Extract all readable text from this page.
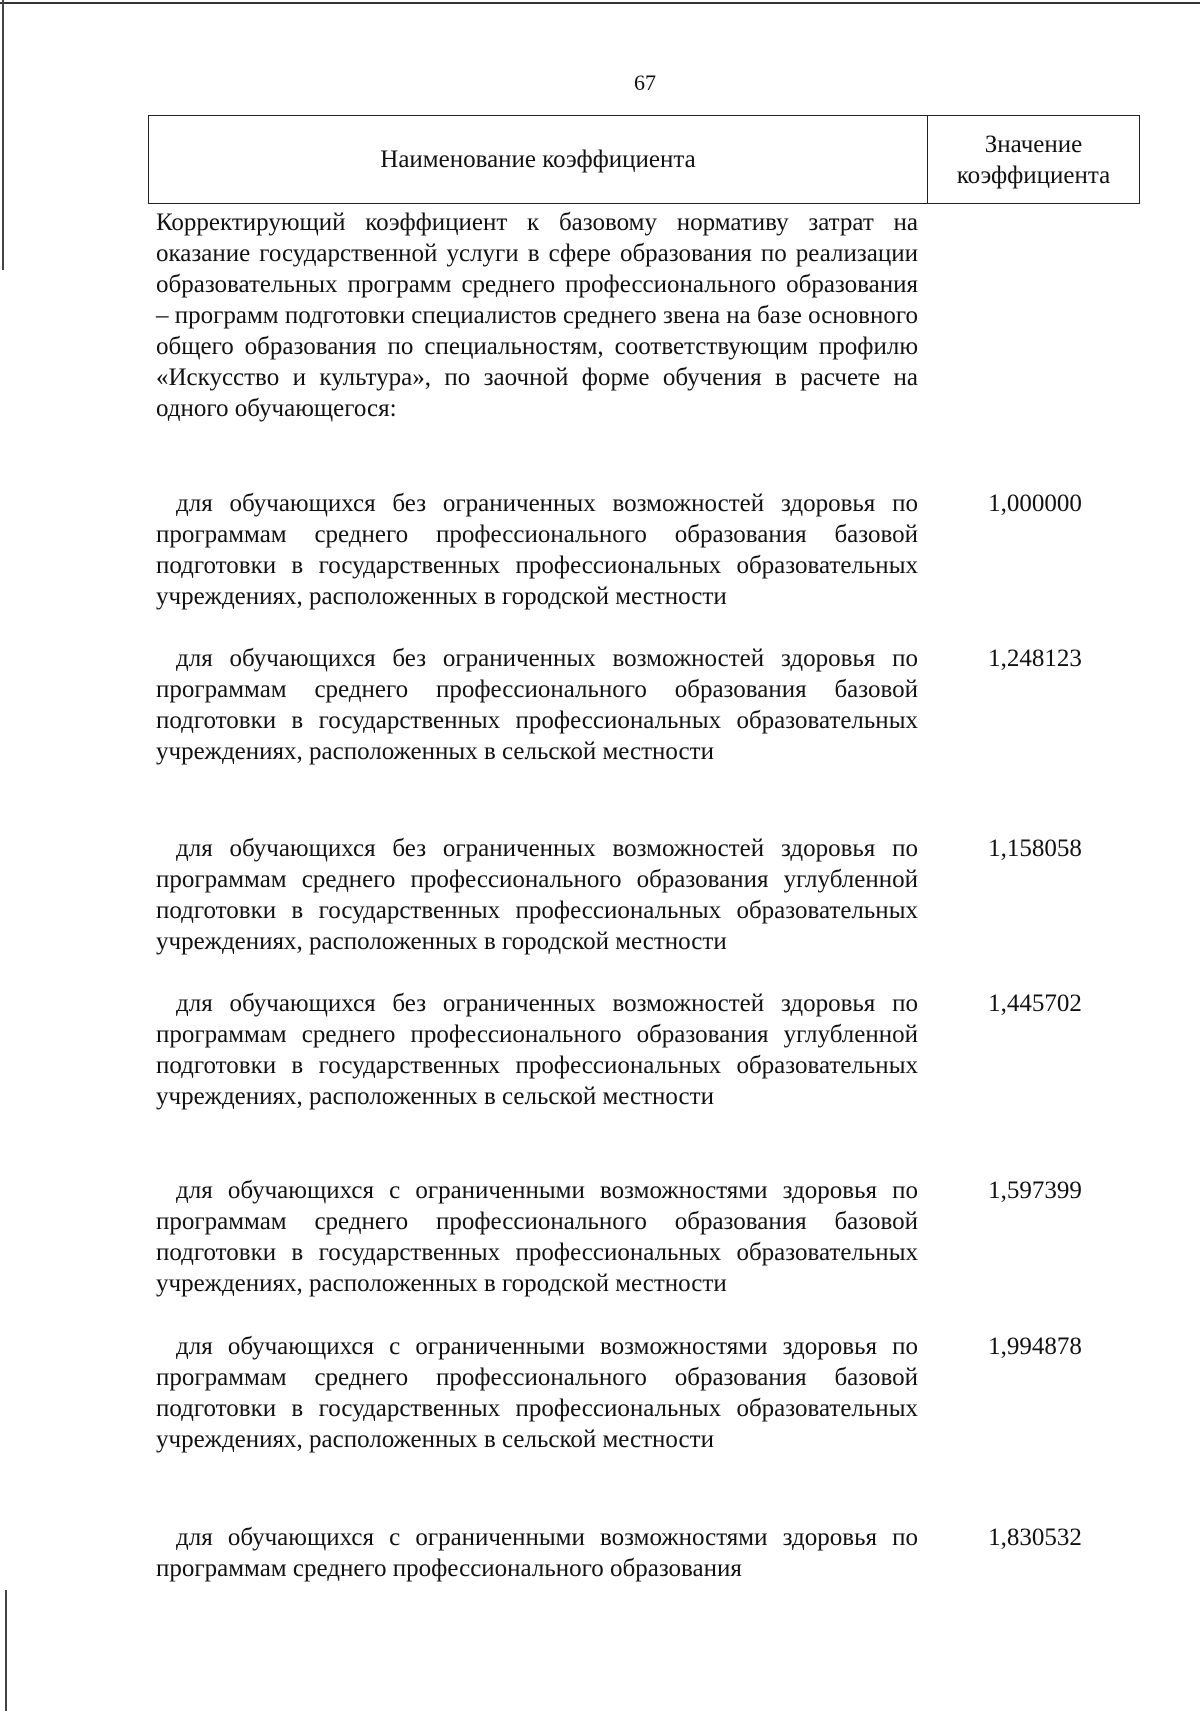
67
Наименование коэффициента
Значение
коэффициента

Корректирующий коэффициент к базовому нормативу затрат на оказание государственной услуги в сфере образования по реализации образовательных программ среднего профессионального образования – программ подготовки специалистов среднего звена на базе основного общего образования по специальностям, соответствующим профилю «Искусство и культура», по заочной форме обучения в расчете на одного обучающегося:

для обучающихся без ограниченных возможностей здоровья по программам среднего профессионального образования базовой подготовки в государственных профессиональных образовательных учреждениях, расположенных в городской местности

1,000000

для обучающихся без ограниченных возможностей здоровья по программам среднего профессионального образования базовой подготовки в государственных профессиональных образовательных учреждениях, расположенных в сельской местности

1,248123

для обучающихся без ограниченных возможностей здоровья по программам среднего профессионального образования углубленной подготовки в государственных профессиональных образовательных учреждениях, расположенных в городской местности

1,158058

для обучающихся без ограниченных возможностей здоровья по программам среднего профессионального образования углубленной подготовки в государственных профессиональных образовательных учреждениях, расположенных в сельской местности

1,445702

для обучающихся с ограниченными возможностями здоровья по программам среднего профессионального образования базовой подготовки в государственных профессиональных образовательных учреждениях, расположенных в городской местности

1,597399

для обучающихся с ограниченными возможностями здоровья по программам среднего профессионального образования базовой подготовки в государственных профессиональных образовательных учреждениях, расположенных в сельской местности

1,994878

для обучающихся с ограниченными возможностями здоровья по программам среднего профессионального образования

1,830532
